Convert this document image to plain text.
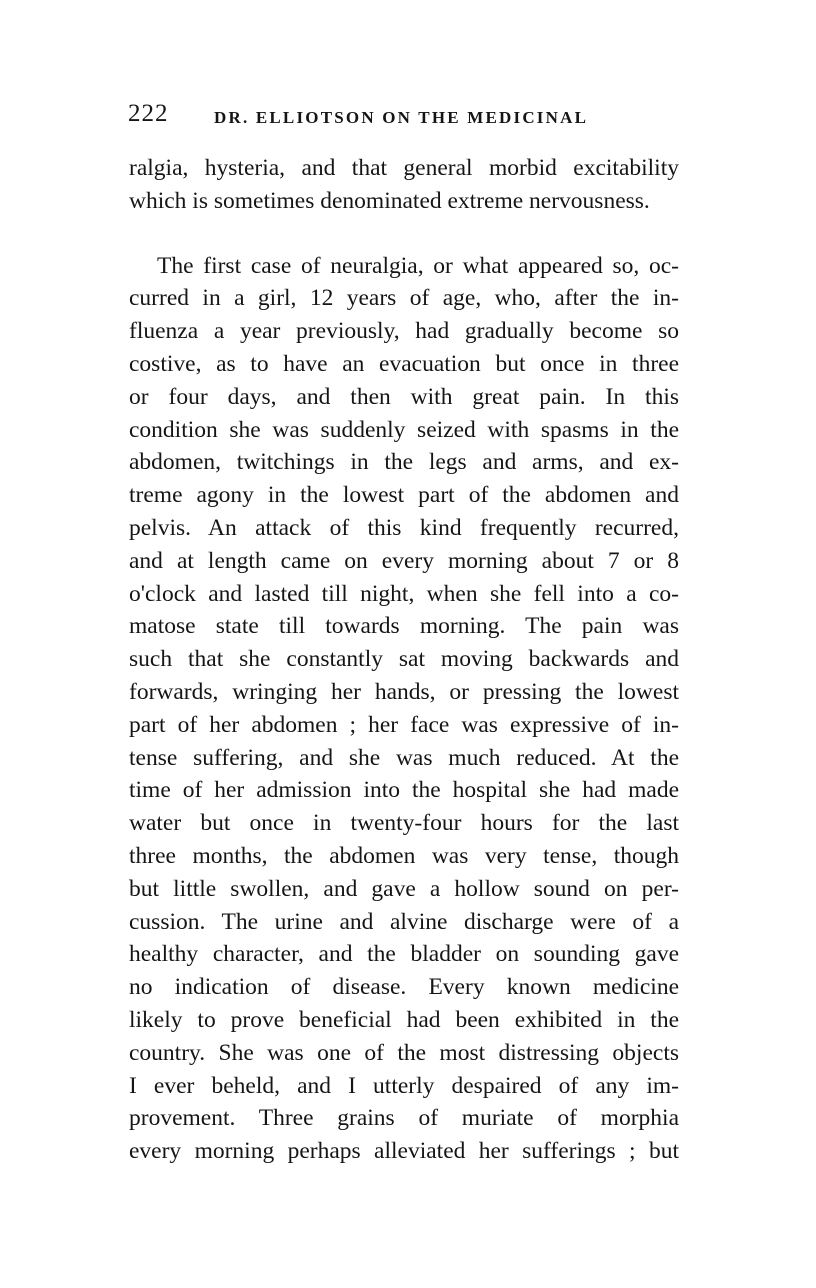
222	DR. ELLIOTSON ON THE MEDICINAL
ralgia, hysteria, and that general morbid excitability
which is sometimes denominated extreme nervousness.
The first case of neuralgia, or what appeared so, oc-
curred in a girl, 12 years of age, who, after the in-
fluenza a year previously, had gradually become so
costive, as to have an evacuation but once in three
or four days, and then with great pain. In this
condition she was suddenly seized with spasms in the
abdomen, twitchings in the legs and arms, and ex-
treme agony in the lowest part of the abdomen and
pelvis. An attack of this kind frequently recurred,
and at length came on every morning about 7 or 8
o'clock and lasted till night, when she fell into a co-
matose state till towards morning. The pain was
such that she constantly sat moving backwards and
forwards, wringing her hands, or pressing the lowest
part of her abdomen ; her face was expressive of in-
tense suffering, and she was much reduced. At the
time of her admission into the hospital she had made
water but once in twenty-four hours for the last
three months, the abdomen was very tense, though
but little swollen, and gave a hollow sound on per-
cussion. The urine and alvine discharge were of a
healthy character, and the bladder on sounding gave
no indication of disease. Every known medicine
likely to prove beneficial had been exhibited in the
country. She was one of the most distressing objects
I ever beheld, and I utterly despaired of any im-
provement. Three grains of muriate of morphia
every morning perhaps alleviated her sufferings ; but
